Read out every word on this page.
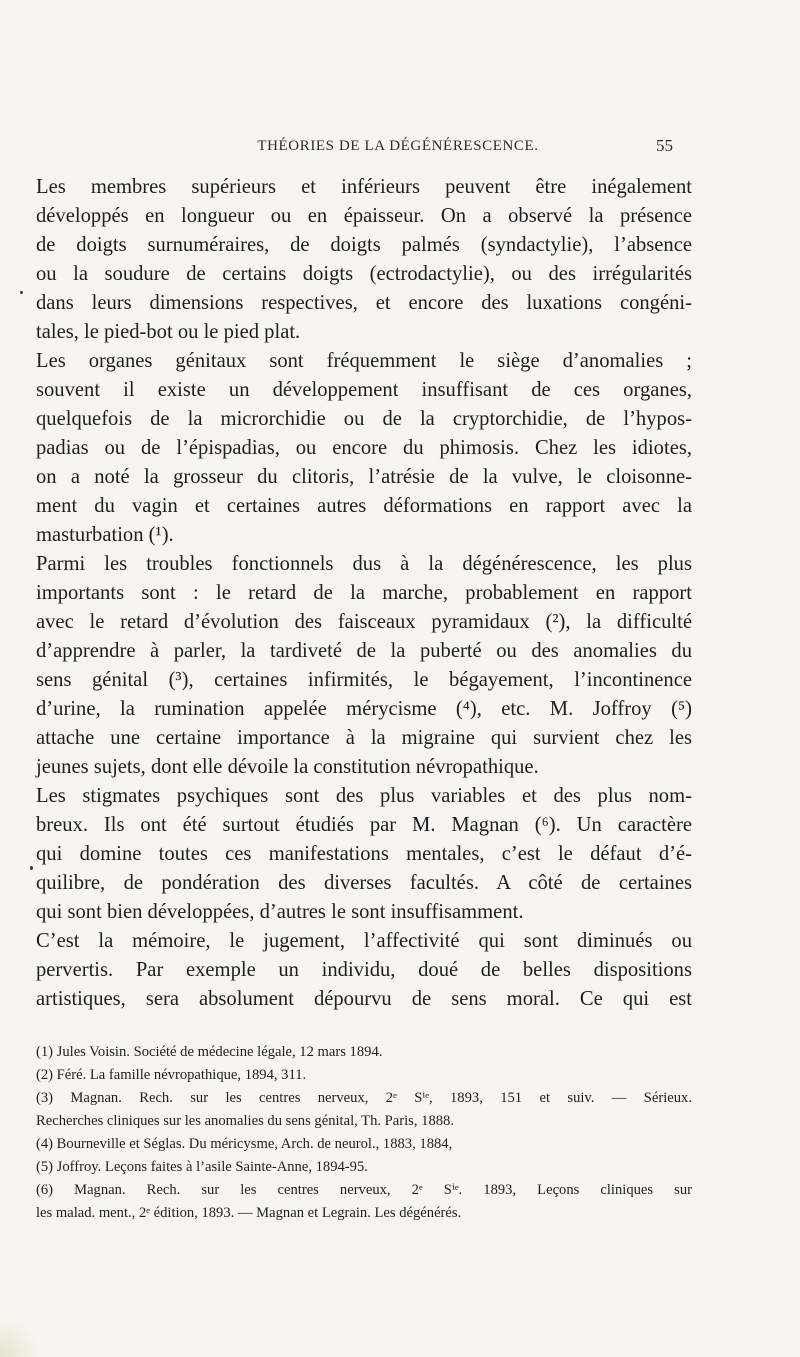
THÉORIES DE LA DÉGÉNÉRESCENCE.	55
Les membres supérieurs et inférieurs peuvent être inégalement
développés en longueur ou en épaisseur. On a observé la présence
de doigts surnuméraires, de doigts palmés (syndactylie), l’absence
ou la soudure de certains doigts (ectrodactylie), ou des irrégularités
dans leurs dimensions respectives, et encore des luxations congéni-
tales, le pied-bot ou le pied plat.
Les organes génitaux sont fréquemment le siège d’anomalies ;
souvent il existe un développement insuffisant de ces organes,
quelquefois de la microrchidie ou de la cryptorchidie, de l’hypos-
padias ou de l’épispadias, ou encore du phimosis. Chez les idiotes,
on a noté la grosseur du clitoris, l’atrésie de la vulve, le cloisonne-
ment du vagin et certaines autres déformations en rapport avec la
masturbation (¹).
Parmi les troubles fonctionnels dus à la dégénérescence, les plus
importants sont : le retard de la marche, probablement en rapport
avec le retard d’évolution des faisceaux pyramidaux (²), la difficulté
d’apprendre à parler, la tardiveté de la puberté ou des anomalies du
sens génital (³), certaines infirmités, le bégayement, l’incontinence
d’urine, la rumination appelée mérycisme (⁴), etc. M. Joffroy (⁵)
attache une certaine importance à la migraine qui survient chez les
jeunes sujets, dont elle dévoile la constitution névropathique.
Les stigmates psychiques sont des plus variables et des plus nom-
breux. Ils ont été surtout étudiés par M. Magnan (⁶). Un caractère
qui domine toutes ces manifestations mentales, c’est le défaut d’é-
quilibre, de pondération des diverses facultés. A côté de certaines
qui sont bien développées, d’autres le sont insuffisamment.
C’est la mémoire, le jugement, l’affectivité qui sont diminués ou
pervertis. Par exemple un individu, doué de belles dispositions
artistiques, sera absolument dépourvu de sens moral. Ce qui est
(1) Jules Voisin. Société de médecine légale, 12 mars 1894.
(2) Féré. La famille névropathique, 1894, 311.
(3) Magnan. Rech. sur les centres nerveux, 2ᵉ Sⁱᵉ, 1893, 151 et suiv. — Sérieux.
Recherches cliniques sur les anomalies du sens génital, Th. Paris, 1888.
(4) Bourneville et Séglas. Du méricysme, Arch. de neurol., 1883, 1884,
(5) Joffroy. Leçons faites à l’asile Sainte-Anne, 1894-95.
(6) Magnan. Rech. sur les centres nerveux, 2ᵉ Sⁱᵉ. 1893, Leçons cliniques sur
les malad. ment., 2ᵉ édition, 1893. — Magnan et Legrain. Les dégénérés.
